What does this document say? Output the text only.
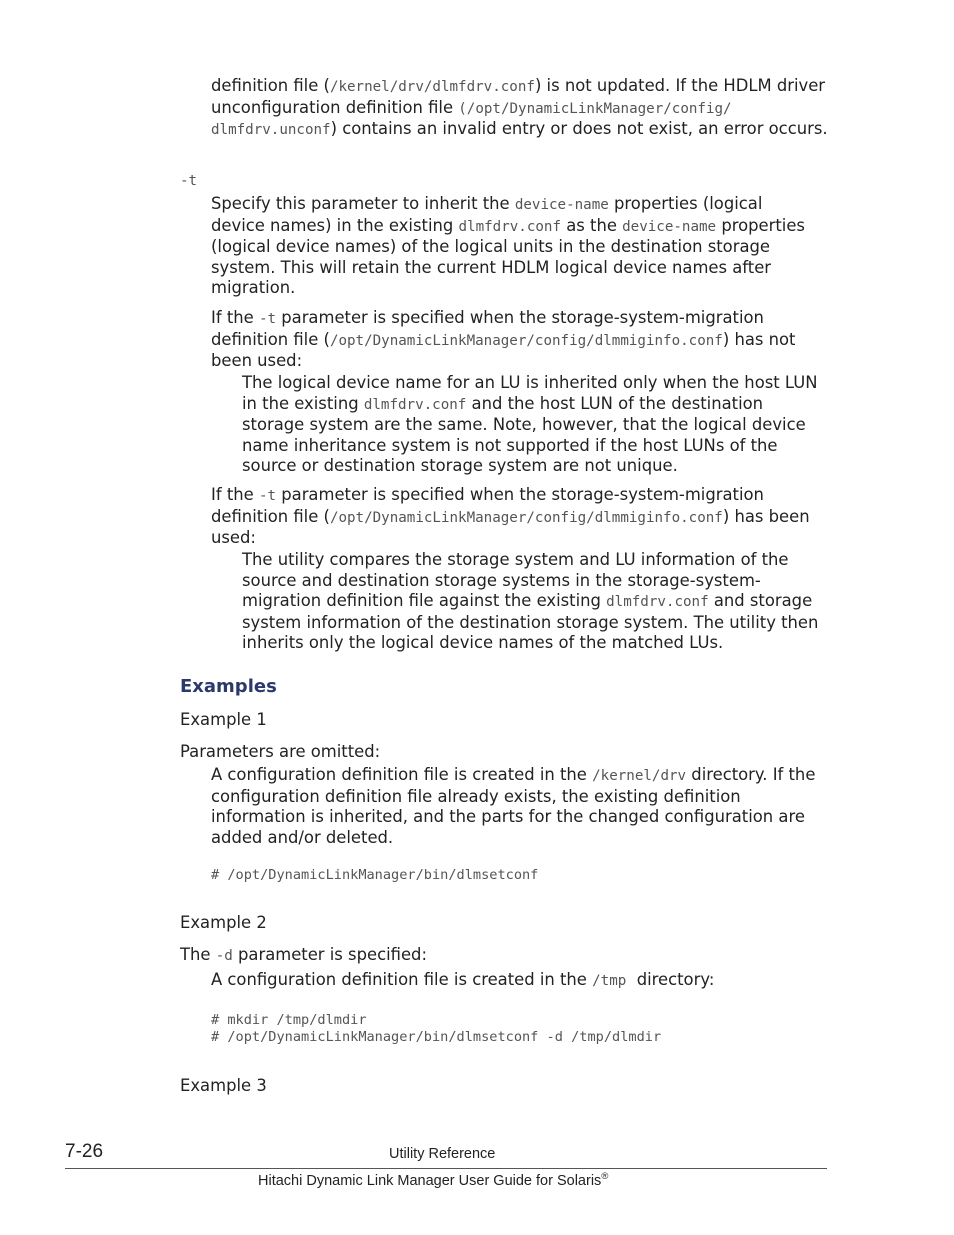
definition file (/kernel/drv/dlmfdrv.conf) is not updated. If the HDLM driver unconfiguration definition file (/opt/DynamicLinkManager/config/ dlmfdrv.unconf) contains an invalid entry or does not exist, an error occurs.

-t

Specify this parameter to inherit the device-name properties (logical device names) in the existing dlmfdrv.conf as the device-name properties (logical device names) of the logical units in the destination storage system. This will retain the current HDLM logical device names after migration.

If the -t parameter is specified when the storage-system-migration definition file (/opt/DynamicLinkManager/config/dlmmiginfo.conf) has not been used:

The logical device name for an LU is inherited only when the host LUN in the existing dlmfdrv.conf and the host LUN of the destination storage system are the same. Note, however, that the logical device name inheritance system is not supported if the host LUNs of the source or destination storage system are not unique.

If the -t parameter is specified when the storage-system-migration definition file (/opt/DynamicLinkManager/config/dlmmiginfo.conf) has been used:

The utility compares the storage system and LU information of the source and destination storage systems in the storage-system-migration definition file against the existing dlmfdrv.conf and storage system information of the destination storage system. The utility then inherits only the logical device names of the matched LUs.

Examples
Example 1
Parameters are omitted:

A configuration definition file is created in the /kernel/drv directory. If the configuration definition file already exists, the existing definition information is inherited, and the parts for the changed configuration are added and/or deleted.

# /opt/DynamicLinkManager/bin/dlmsetconf
Example 2

The -d parameter is specified:

A configuration definition file is created in the /tmp  directory:

# mkdir /tmp/dlmdir
# /opt/DynamicLinkManager/bin/dlmsetconf -d /tmp/dlmdir
Example 3
7-26	Utility Reference
Hitachi Dynamic Link Manager User Guide for Solaris®
